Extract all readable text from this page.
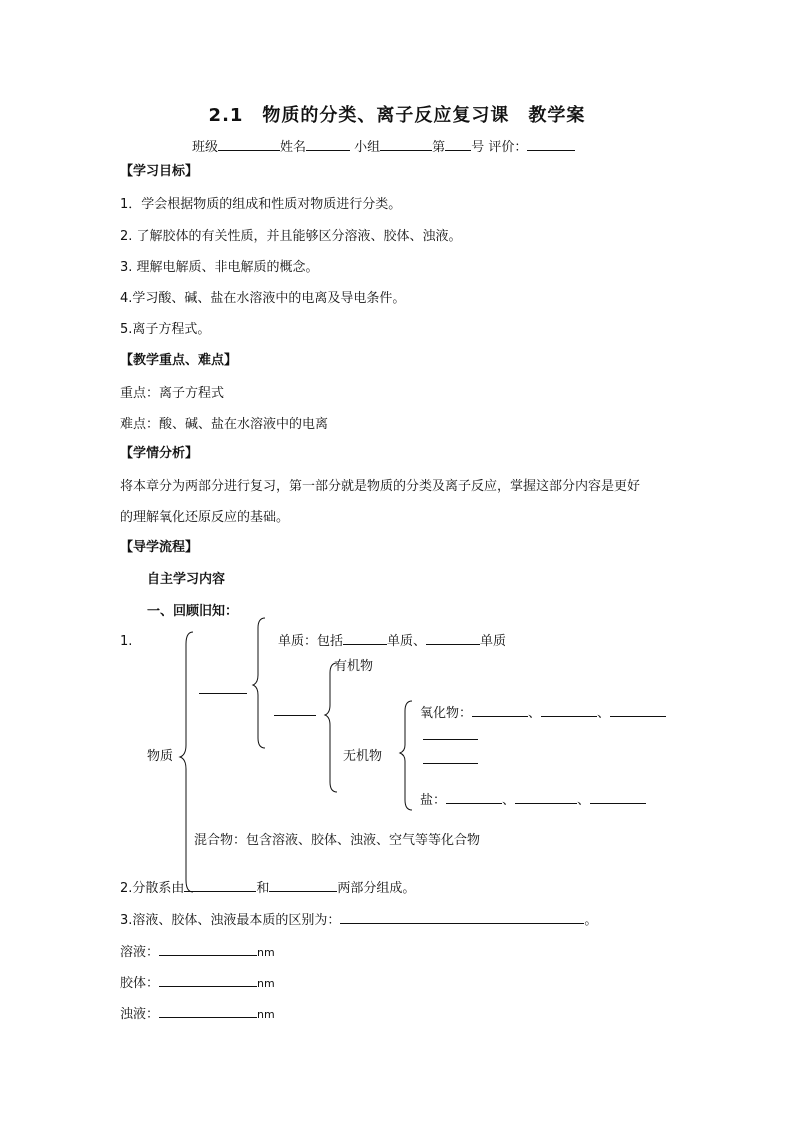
2.1　物质的分类、离子反应复习课　教学案
班级	姓名	小组	第 号 评价：
【学习目标】
1．学会根据物质的组成和性质对物质进行分类。
2. 了解胶体的有关性质，并且能够区分溶液、胶体、浊液。
3. 理解电解质、非电解质的概念。
4.学习酸、碱、盐在水溶液中的电离及导电条件。
5.离子方程式。
【教学重点、难点】
重点：离子方程式
难点：酸、碱、盐在水溶液中的电离
【学情分析】
将本章分为两部分进行复习，第一部分就是物质的分类及离子反应，掌握这部分内容是更好
的理解氧化还原反应的基础。
【导学流程】
自主学习内容
一、回顾旧知：
1.
物质
单质：包括	单质、	单质
有机物
无机物
氧化物：	、	、
盐：	、	、
混合物：包含溶液、胶体、浊液、空气等等化合物
2.分散系由	和	两部分组成。
3.溶液、胶体、浊液最本质的区别为：	。
溶液：	nm
胶体：	nm
浊液：	nm
